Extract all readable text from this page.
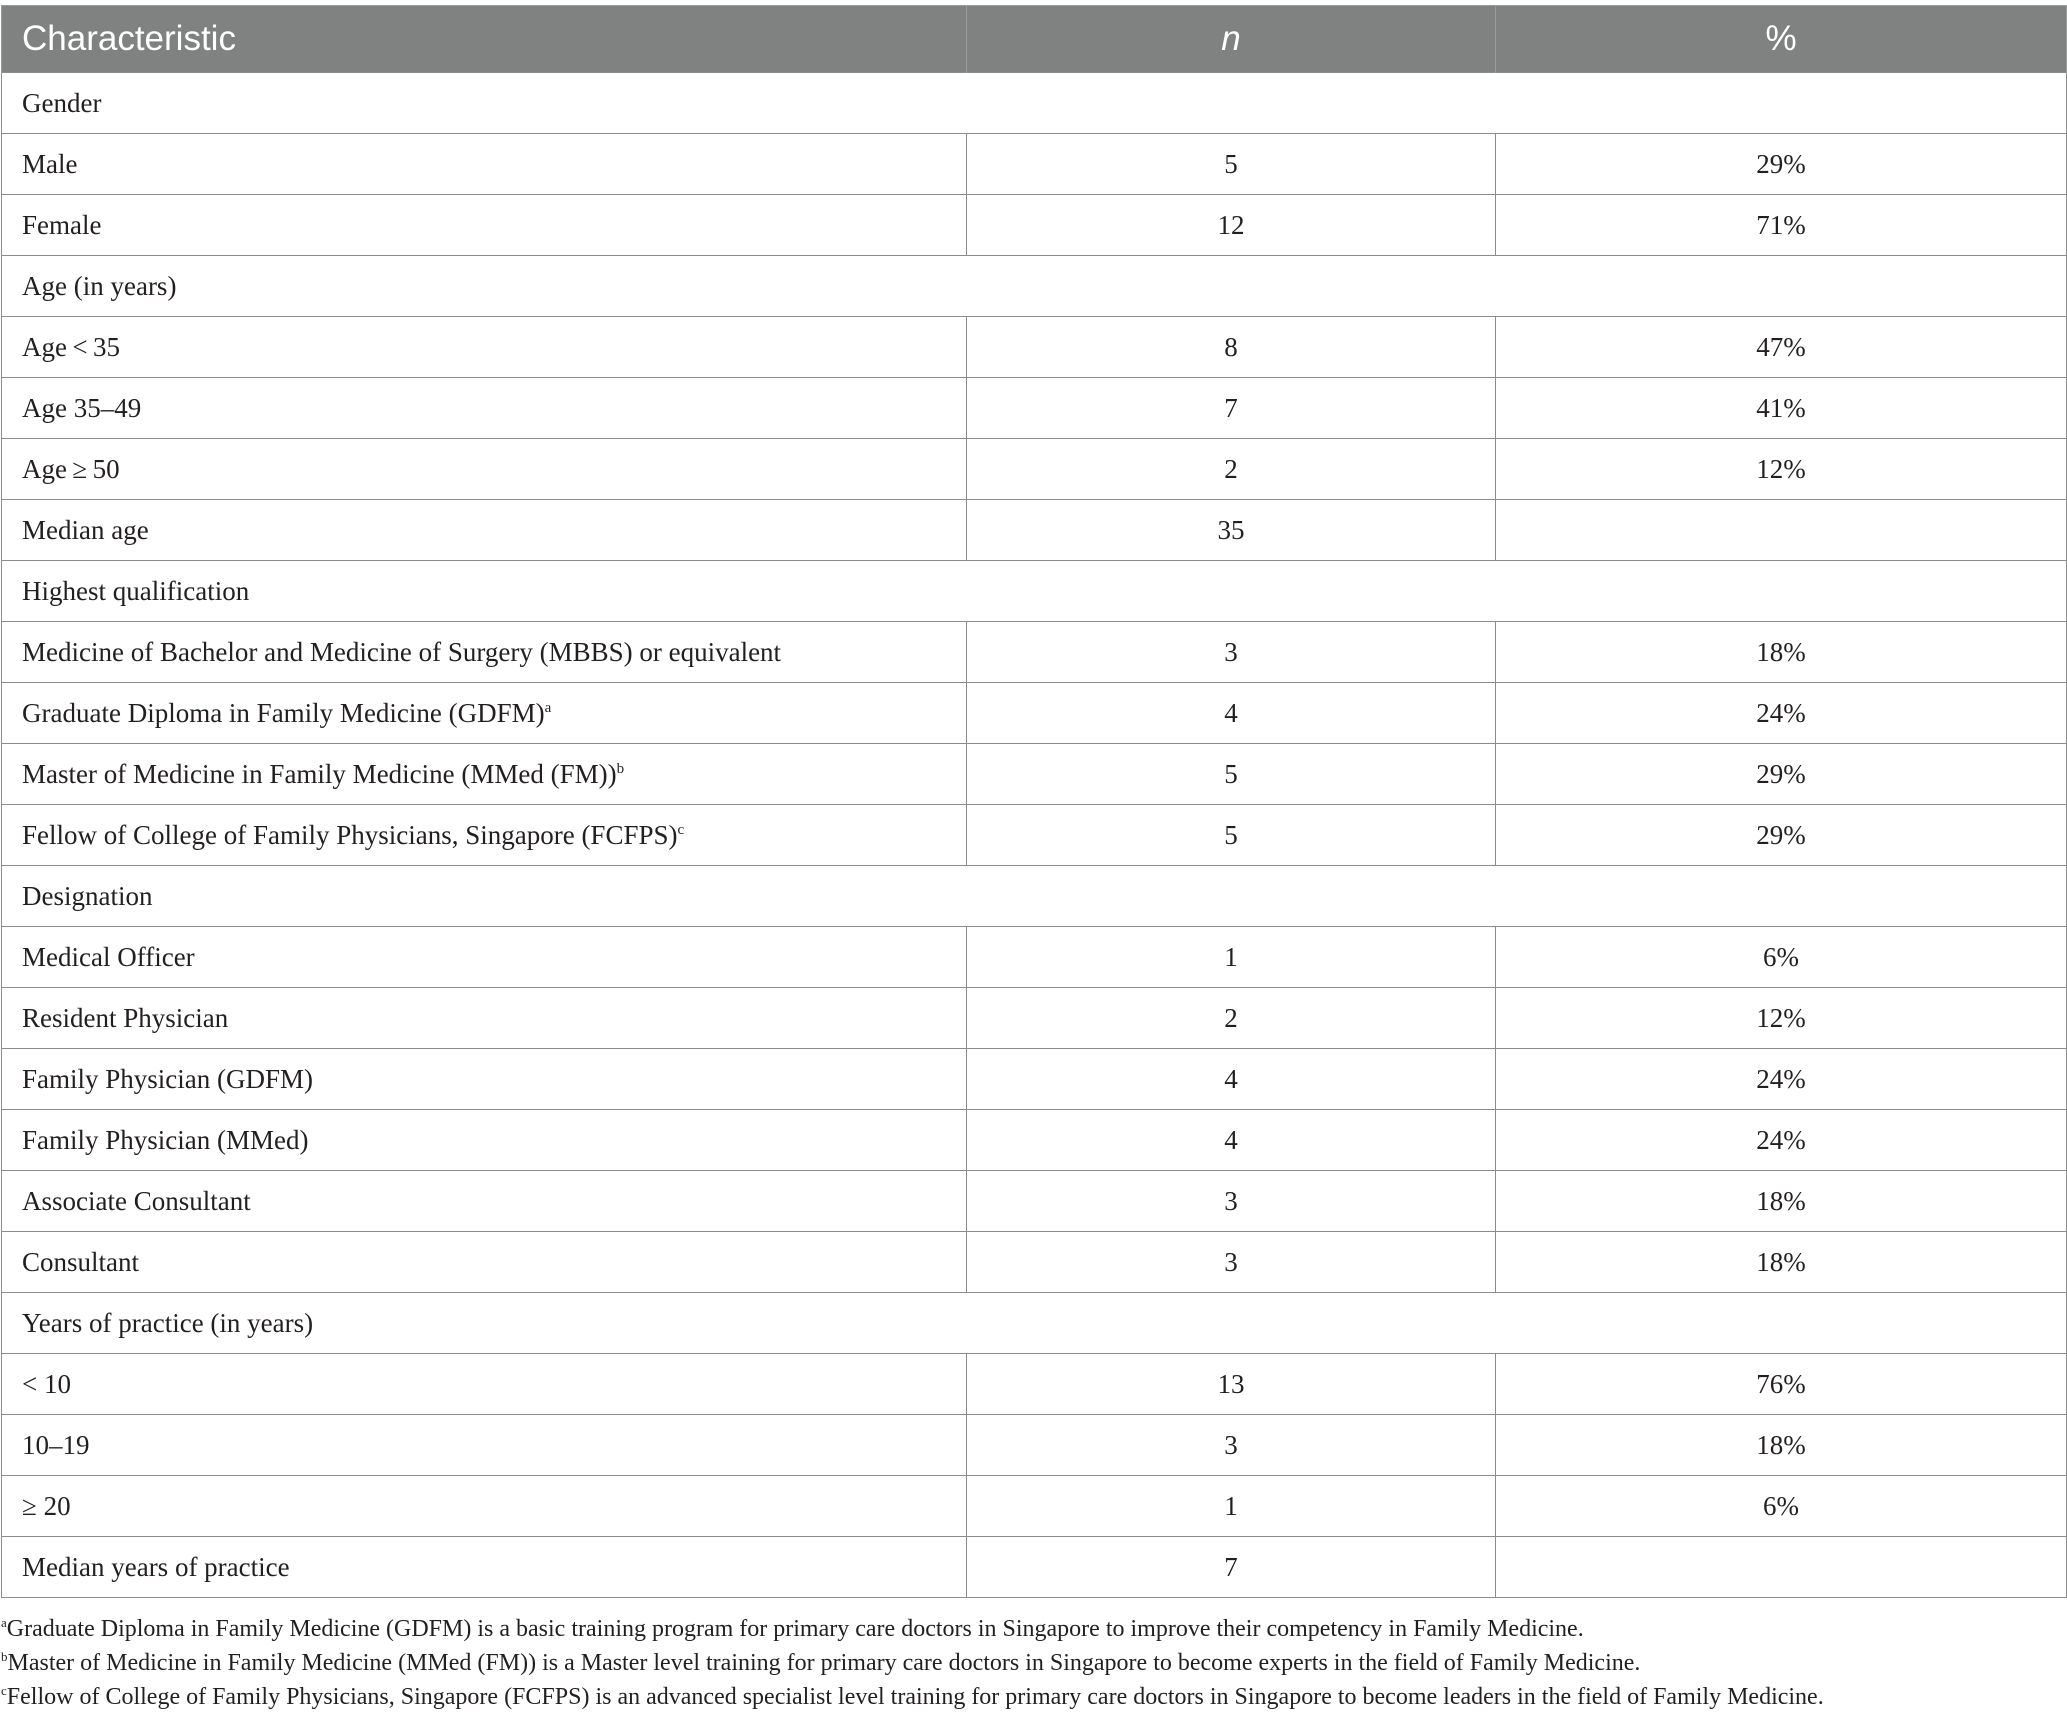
Characteristic	n	%
Gender		
Male	5	29%
Female	12	71%
Age (in years)		
Age < 35	8	47%
Age 35–49	7	41%
Age ≥ 50	2	12%
Median age	35	
Highest qualification		
Medicine of Bachelor and Medicine of Surgery (MBBS) or equivalent	3	18%
Graduate Diploma in Family Medicine (GDFM)$^a$	4	24%
Master of Medicine in Family Medicine (MMed (FM))$^b$	5	29%
Fellow of College of Family Physicians, Singapore (FCFPS)$^c$	5	29%
Designation		
Medical Officer	1	6%
Resident Physician	2	12%
Family Physician (GDFM)	4	24%
Family Physician (MMed)	4	24%
Associate Consultant	3	18%
Consultant	3	18%
Years of practice (in years)		
< 10	13	76%
10–19	3	18%
≥ 20	1	6%
Median years of practice	7	
$^a$Graduate Diploma in Family Medicine (GDFM) is a basic training program for primary care doctors in Singapore to improve their competency in Family Medicine.
$^b$Master of Medicine in Family Medicine (MMed (FM)) is a Master level training for primary care doctors in Singapore to become experts in the field of Family Medicine.
$^c$Fellow of College of Family Physicians, Singapore (FCFPS) is an advanced specialist level training for primary care doctors in Singapore to become leaders in the field of Family Medicine.
